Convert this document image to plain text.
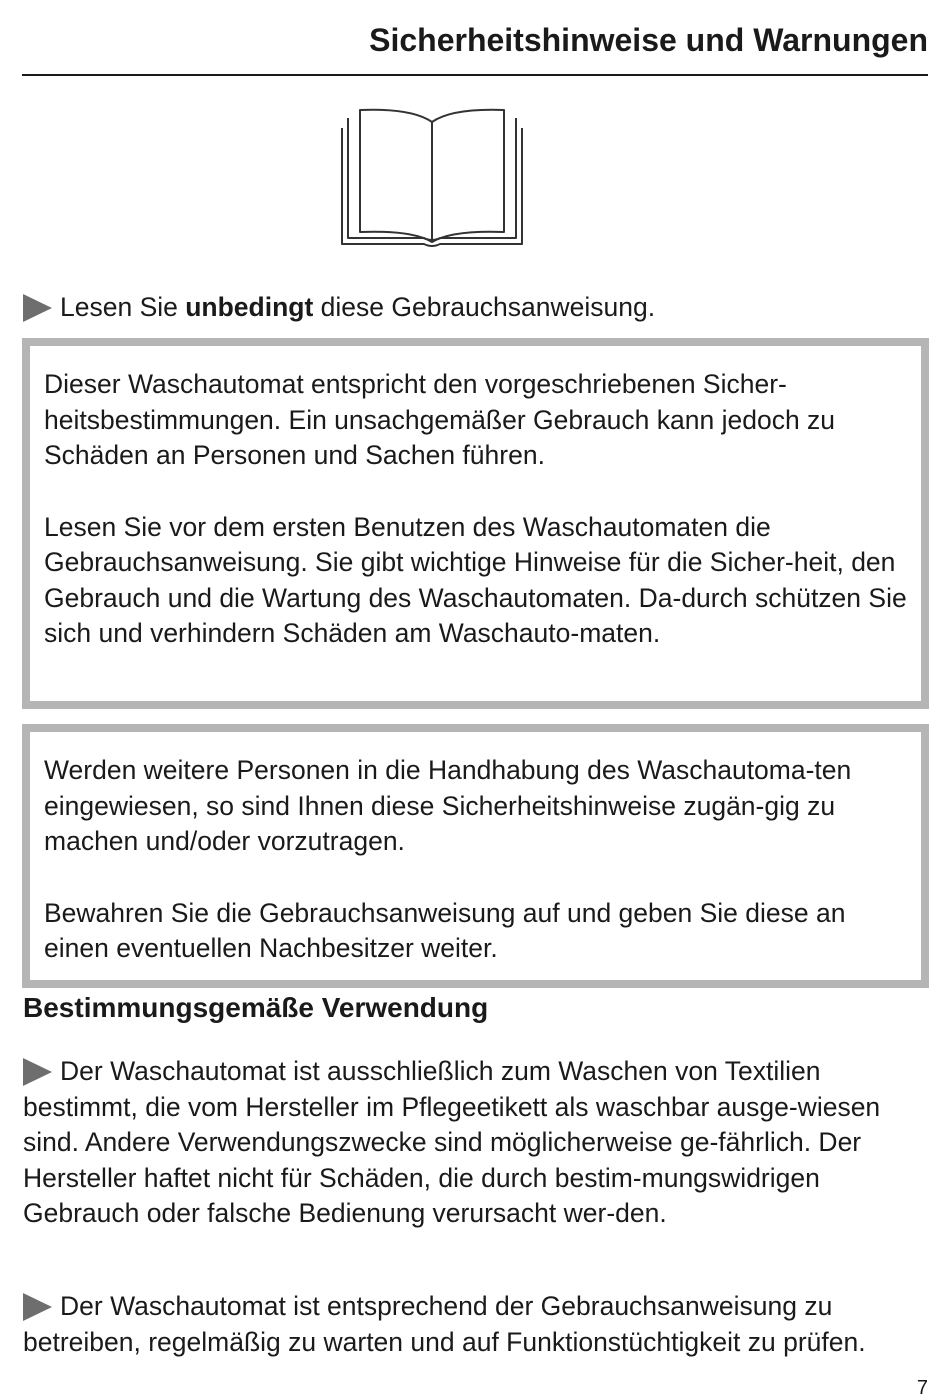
Sicherheitshinweise und Warnungen

Lesen Sie unbedingt diese Gebrauchsanweisung.

Dieser Waschautomat entspricht den vorgeschriebenen Sicher-heitsbestimmungen. Ein unsachgemäßer Gebrauch kann jedoch zu Schäden an Personen und Sachen führen.

Lesen Sie vor dem ersten Benutzen des Waschautomaten die Gebrauchsanweisung. Sie gibt wichtige Hinweise für die Sicher-heit, den Gebrauch und die Wartung des Waschautomaten. Da-durch schützen Sie sich und verhindern Schäden am Waschauto-maten.

Werden weitere Personen in die Handhabung des Waschautoma-ten eingewiesen, so sind Ihnen diese Sicherheitshinweise zugän-gig zu machen und/oder vorzutragen.

Bewahren Sie die Gebrauchsanweisung auf und geben Sie diese an einen eventuellen Nachbesitzer weiter.

Bestimmungsgemäße Verwendung

Der Waschautomat ist ausschließlich zum Waschen von Textilien bestimmt, die vom Hersteller im Pflegeetikett als waschbar ausge-wiesen sind. Andere Verwendungszwecke sind möglicherweise ge-fährlich. Der Hersteller haftet nicht für Schäden, die durch bestim-mungswidrigen Gebrauch oder falsche Bedienung verursacht wer-den.

Der Waschautomat ist entsprechend der Gebrauchsanweisung zu betreiben, regelmäßig zu warten und auf Funktionstüchtigkeit zu prüfen.

7
